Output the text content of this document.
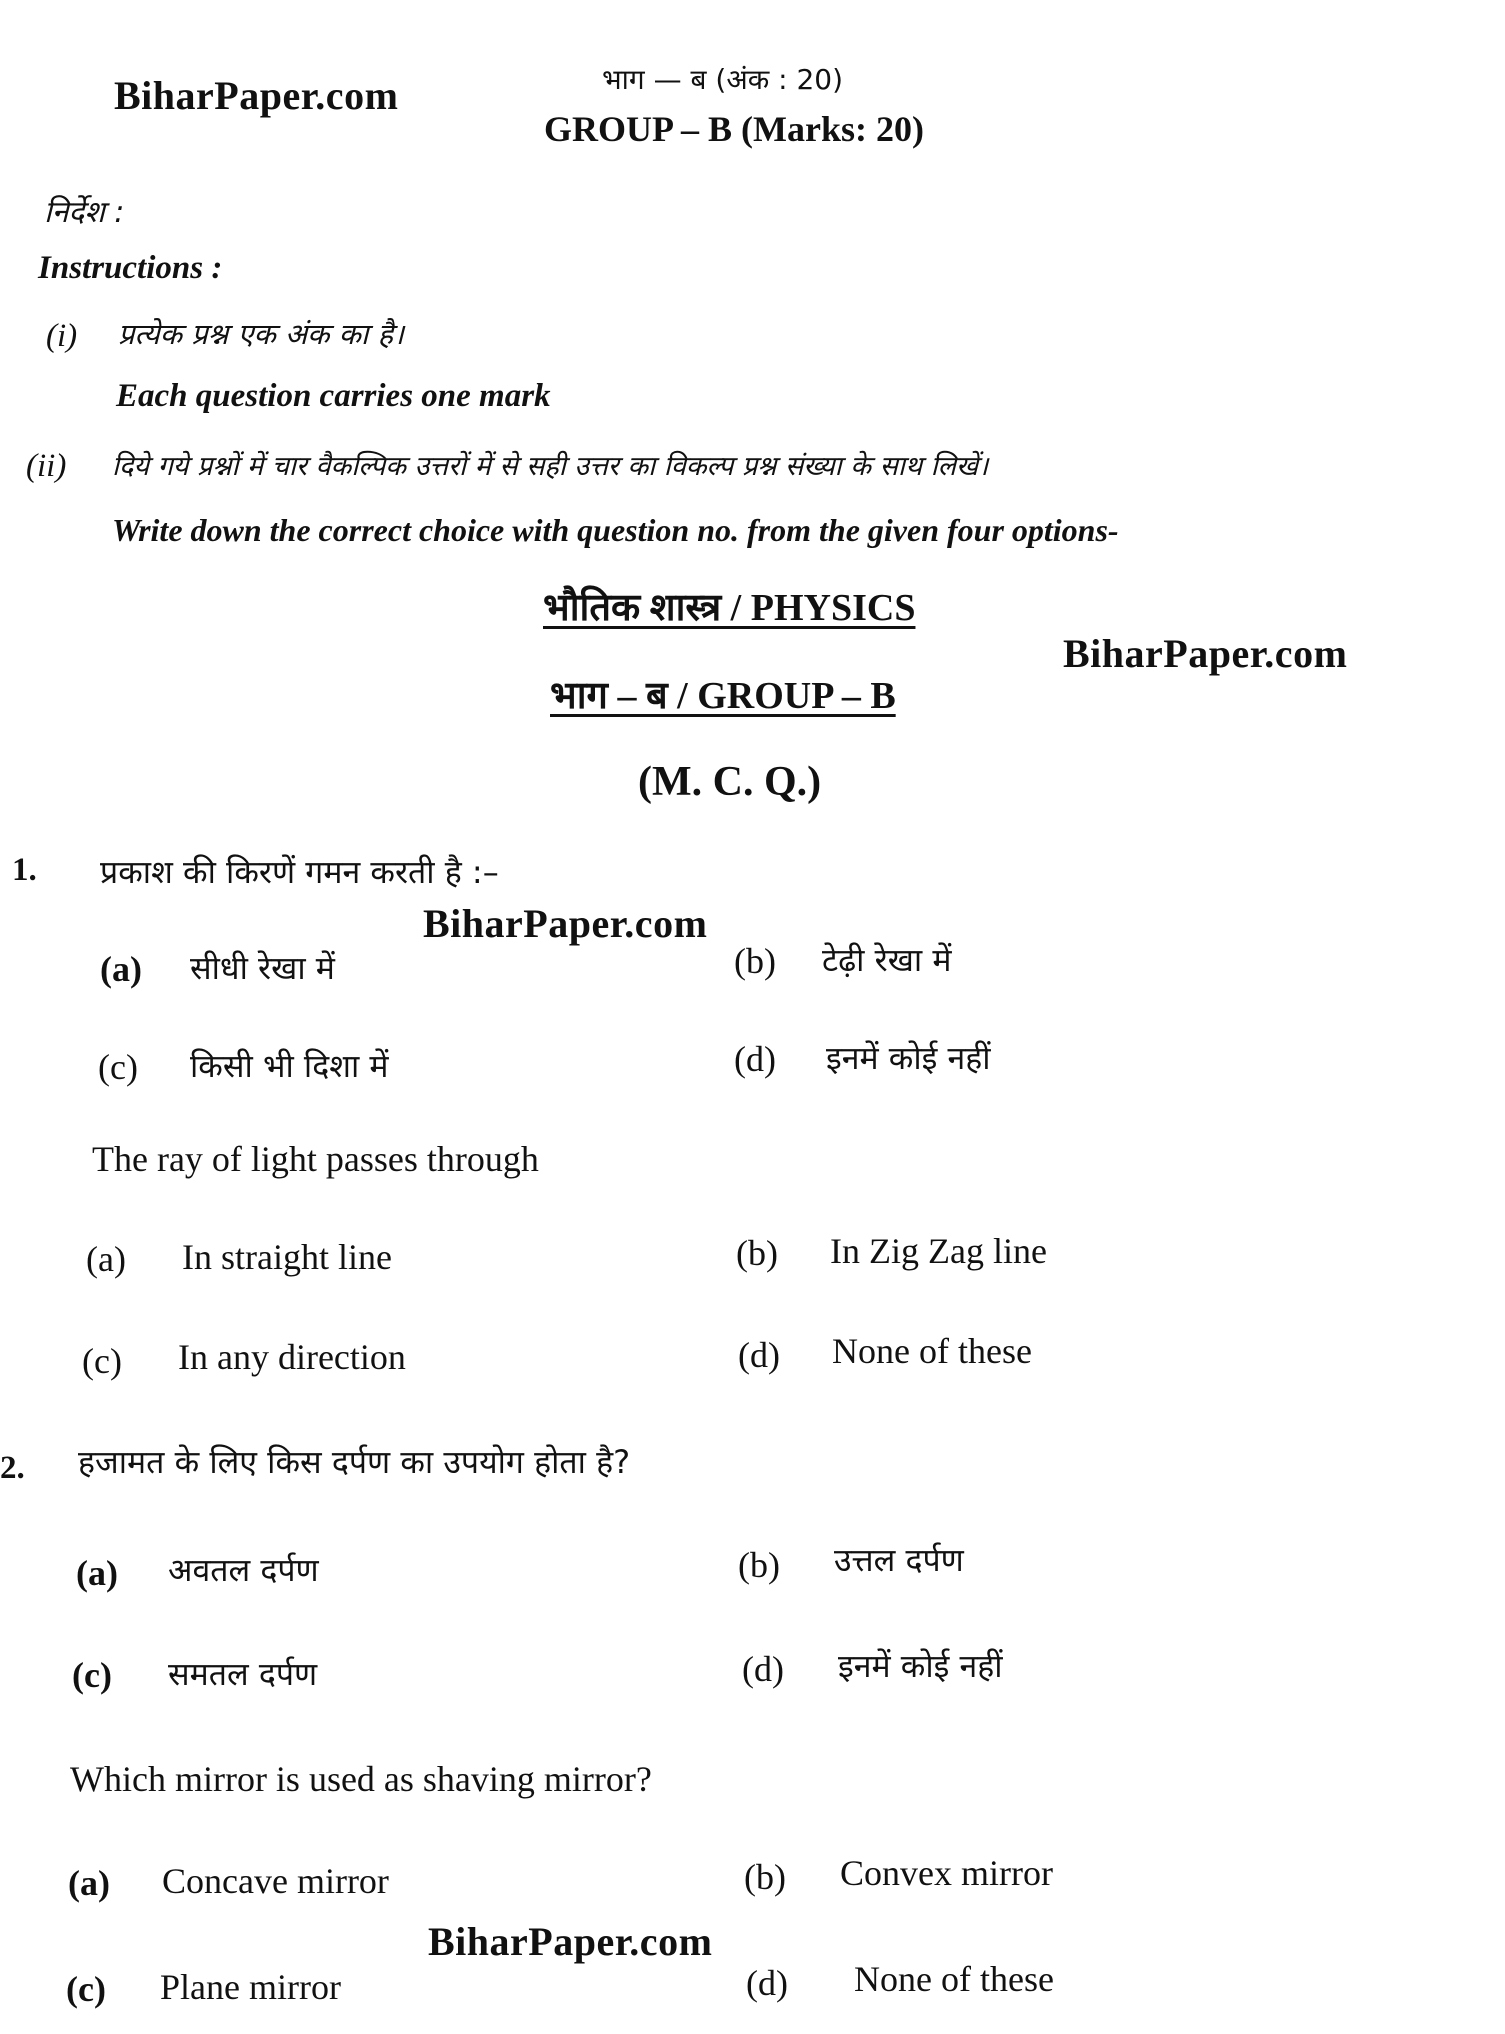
BiharPaper.com
BiharPaper.com
BiharPaper.com
BiharPaper.com
भाग — ब (अंक : 20)
GROUP – B (Marks: 20)
निर्देश :
Instructions :
(i) प्रत्येक प्रश्न एक अंक का है।
Each question carries one mark
(ii) दिये गये प्रश्नों में चार वैकल्पिक उत्तरों में से सही उत्तर का विकल्प प्रश्न संख्या के साथ लिखें।
Write down the correct choice with question no. from the given four options-
भौतिक शास्त्र / PHYSICS
भाग – ब / GROUP – B
(M. C. Q.)
1. प्रकाश की किरणें गमन करती है :–
(a) सीधी रेखा में	(b) टेढ़ी रेखा में
(c) किसी भी दिशा में	(d) इनमें कोई नहीं
The ray of light passes through
(a) In straight line	(b) In Zig Zag line
(c) In any direction	(d) None of these
2. हजामत के लिए किस दर्पण का उपयोग होता है?
(a) अवतल दर्पण	(b) उत्तल दर्पण
(c) समतल दर्पण	(d) इनमें कोई नहीं
Which mirror is used as shaving mirror?
(a) Concave mirror	(b) Convex mirror
(c) Plane mirror	(d) None of these
